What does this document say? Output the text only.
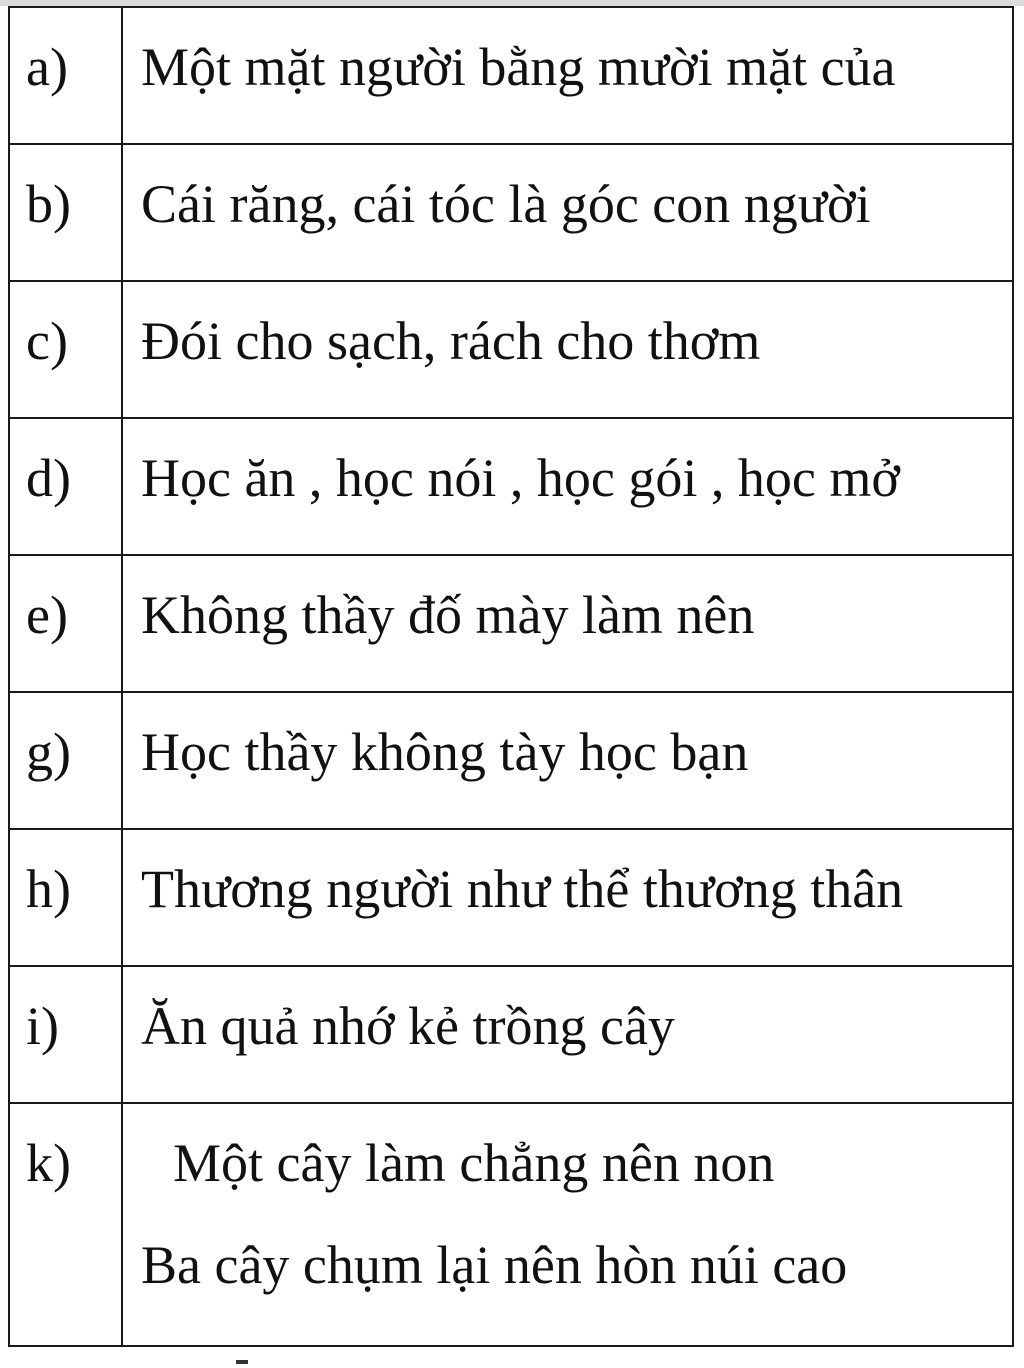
a)	Một mặt người bằng mười mặt của
b)	Cái răng, cái tóc là góc con người
c)	Đói cho sạch, rách cho thơm
d)	Học ăn , học nói , học gói , học mở
e)	Không thầy đố mày làm nên
g)	Học thầy không tày học bạn
h)	Thương người như thể thương thân
i)	Ăn quả nhớ kẻ trồng cây
k)	Một cây làm chẳng nên non
Ba cây chụm lại nên hòn núi cao
